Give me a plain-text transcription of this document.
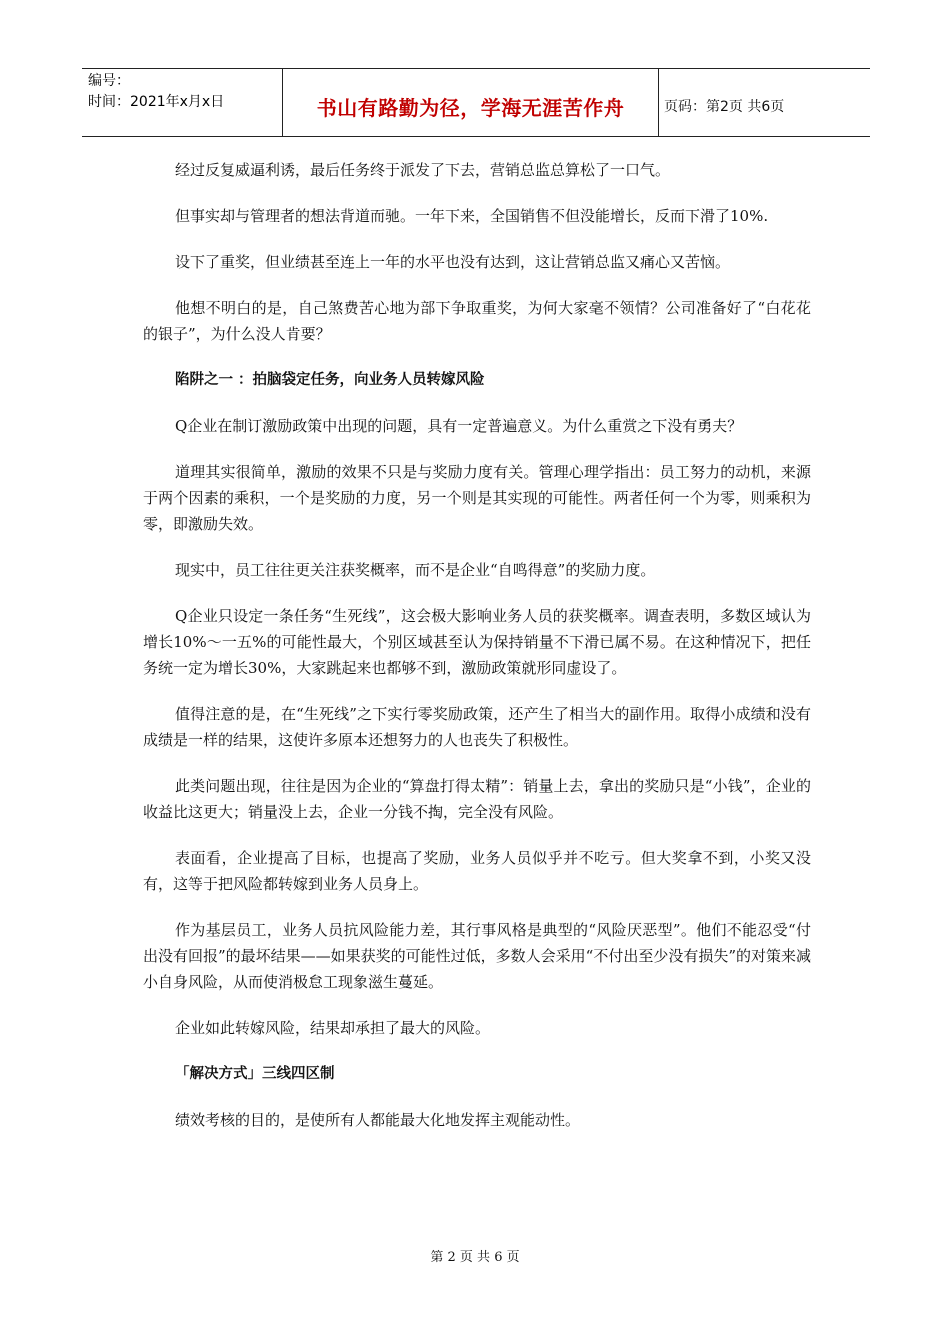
编号：
时间：2021年x月x日	书山有路勤为径，学海无涯苦作舟	页码：第2页 共6页

经过反复威逼利诱，最后任务终于派发了下去，营销总监总算松了一口气。

但事实却与管理者的想法背道而驰。一年下来，全国销售不但没能增长，反而下滑了10%.

设下了重奖，但业绩甚至连上一年的水平也没有达到，这让营销总监又痛心又苦恼。

他想不明白的是，自己煞费苦心地为部下争取重奖，为何大家毫不领情？公司准备好了“白花花的银子”，为什么没人肯要？

陷阱之一 ：拍脑袋定任务，向业务人员转嫁风险

Q企业在制订激励政策中出现的问题，具有一定普遍意义。为什么重赏之下没有勇夫？

道理其实很简单，激励的效果不只是与奖励力度有关。管理心理学指出：员工努力的动机，来源于两个因素的乘积，一个是奖励的力度，另一个则是其实现的可能性。两者任何一个为零，则乘积为零，即激励失效。

现实中，员工往往更关注获奖概率，而不是企业“自鸣得意”的奖励力度。

Q企业只设定一条任务“生死线”，这会极大影响业务人员的获奖概率。调查表明，多数区域认为增长10%～一五%的可能性最大，个别区域甚至认为保持销量不下滑已属不易。在这种情况下，把任务统一定为增长30%，大家跳起来也都够不到，激励政策就形同虚设了。

值得注意的是，在“生死线”之下实行零奖励政策，还产生了相当大的副作用。取得小成绩和没有成绩是一样的结果，这使许多原本还想努力的人也丧失了积极性。

此类问题出现，往往是因为企业的“算盘打得太精”：销量上去，拿出的奖励只是“小钱”，企业的收益比这更大；销量没上去，企业一分钱不掏，完全没有风险。

表面看，企业提高了目标，也提高了奖励，业务人员似乎并不吃亏。但大奖拿不到，小奖又没有，这等于把风险都转嫁到业务人员身上。

作为基层员工，业务人员抗风险能力差，其行事风格是典型的“风险厌恶型”。他们不能忍受“付出没有回报”的最坏结果——如果获奖的可能性过低，多数人会采用“不付出至少没有损失”的对策来减小自身风险，从而使消极怠工现象滋生蔓延。

企业如此转嫁风险，结果却承担了最大的风险。

「解决方式」三线四区制

绩效考核的目的，是使所有人都能最大化地发挥主观能动性。

第 2 页 共 6 页
